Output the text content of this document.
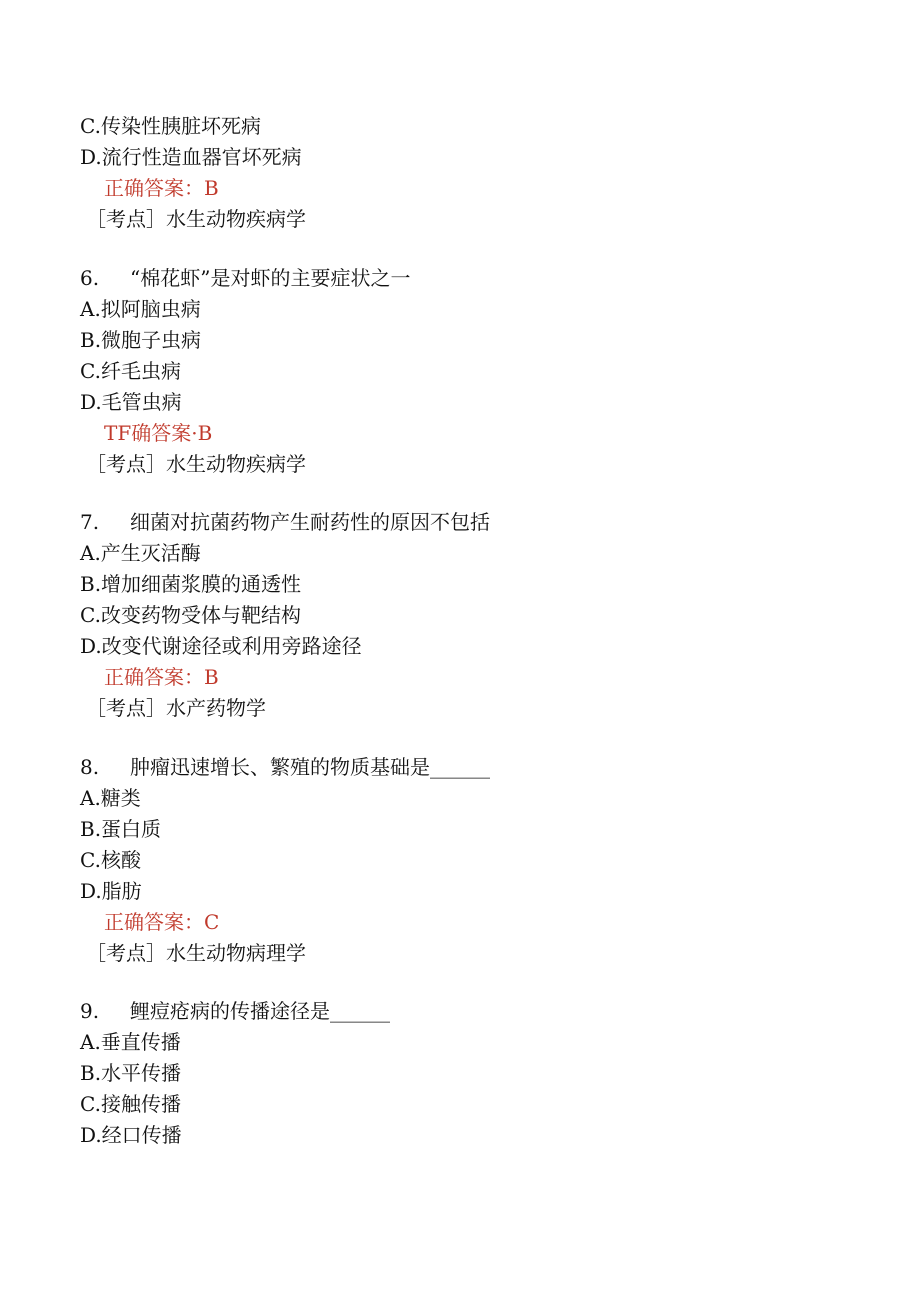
C.传染性胰脏坏死病
D.流行性造血器官坏死病
正确答案：B
［考点］水生动物疾病学
6. “棉花虾”是对虾的主要症状之一
A.拟阿脑虫病
B.微胞子虫病
C.纤毛虫病
D.毛管虫病
TF确答案·B
［考点］水生动物疾病学
7. 细菌对抗菌药物产生耐药性的原因不包括
A.产生灭活酶
B.增加细菌浆膜的通透性
C.改变药物受体与靶结构
D.改变代谢途径或利用旁路途径
正确答案：B
［考点］水产药物学
8. 肿瘤迅速增长、繁殖的物质基础是______
A.糖类
B.蛋白质
C.核酸
D.脂肪
正确答案：C
［考点］水生动物病理学
9. 鲤痘疮病的传播途径是______
A.垂直传播
B.水平传播
C.接触传播
D.经口传播
